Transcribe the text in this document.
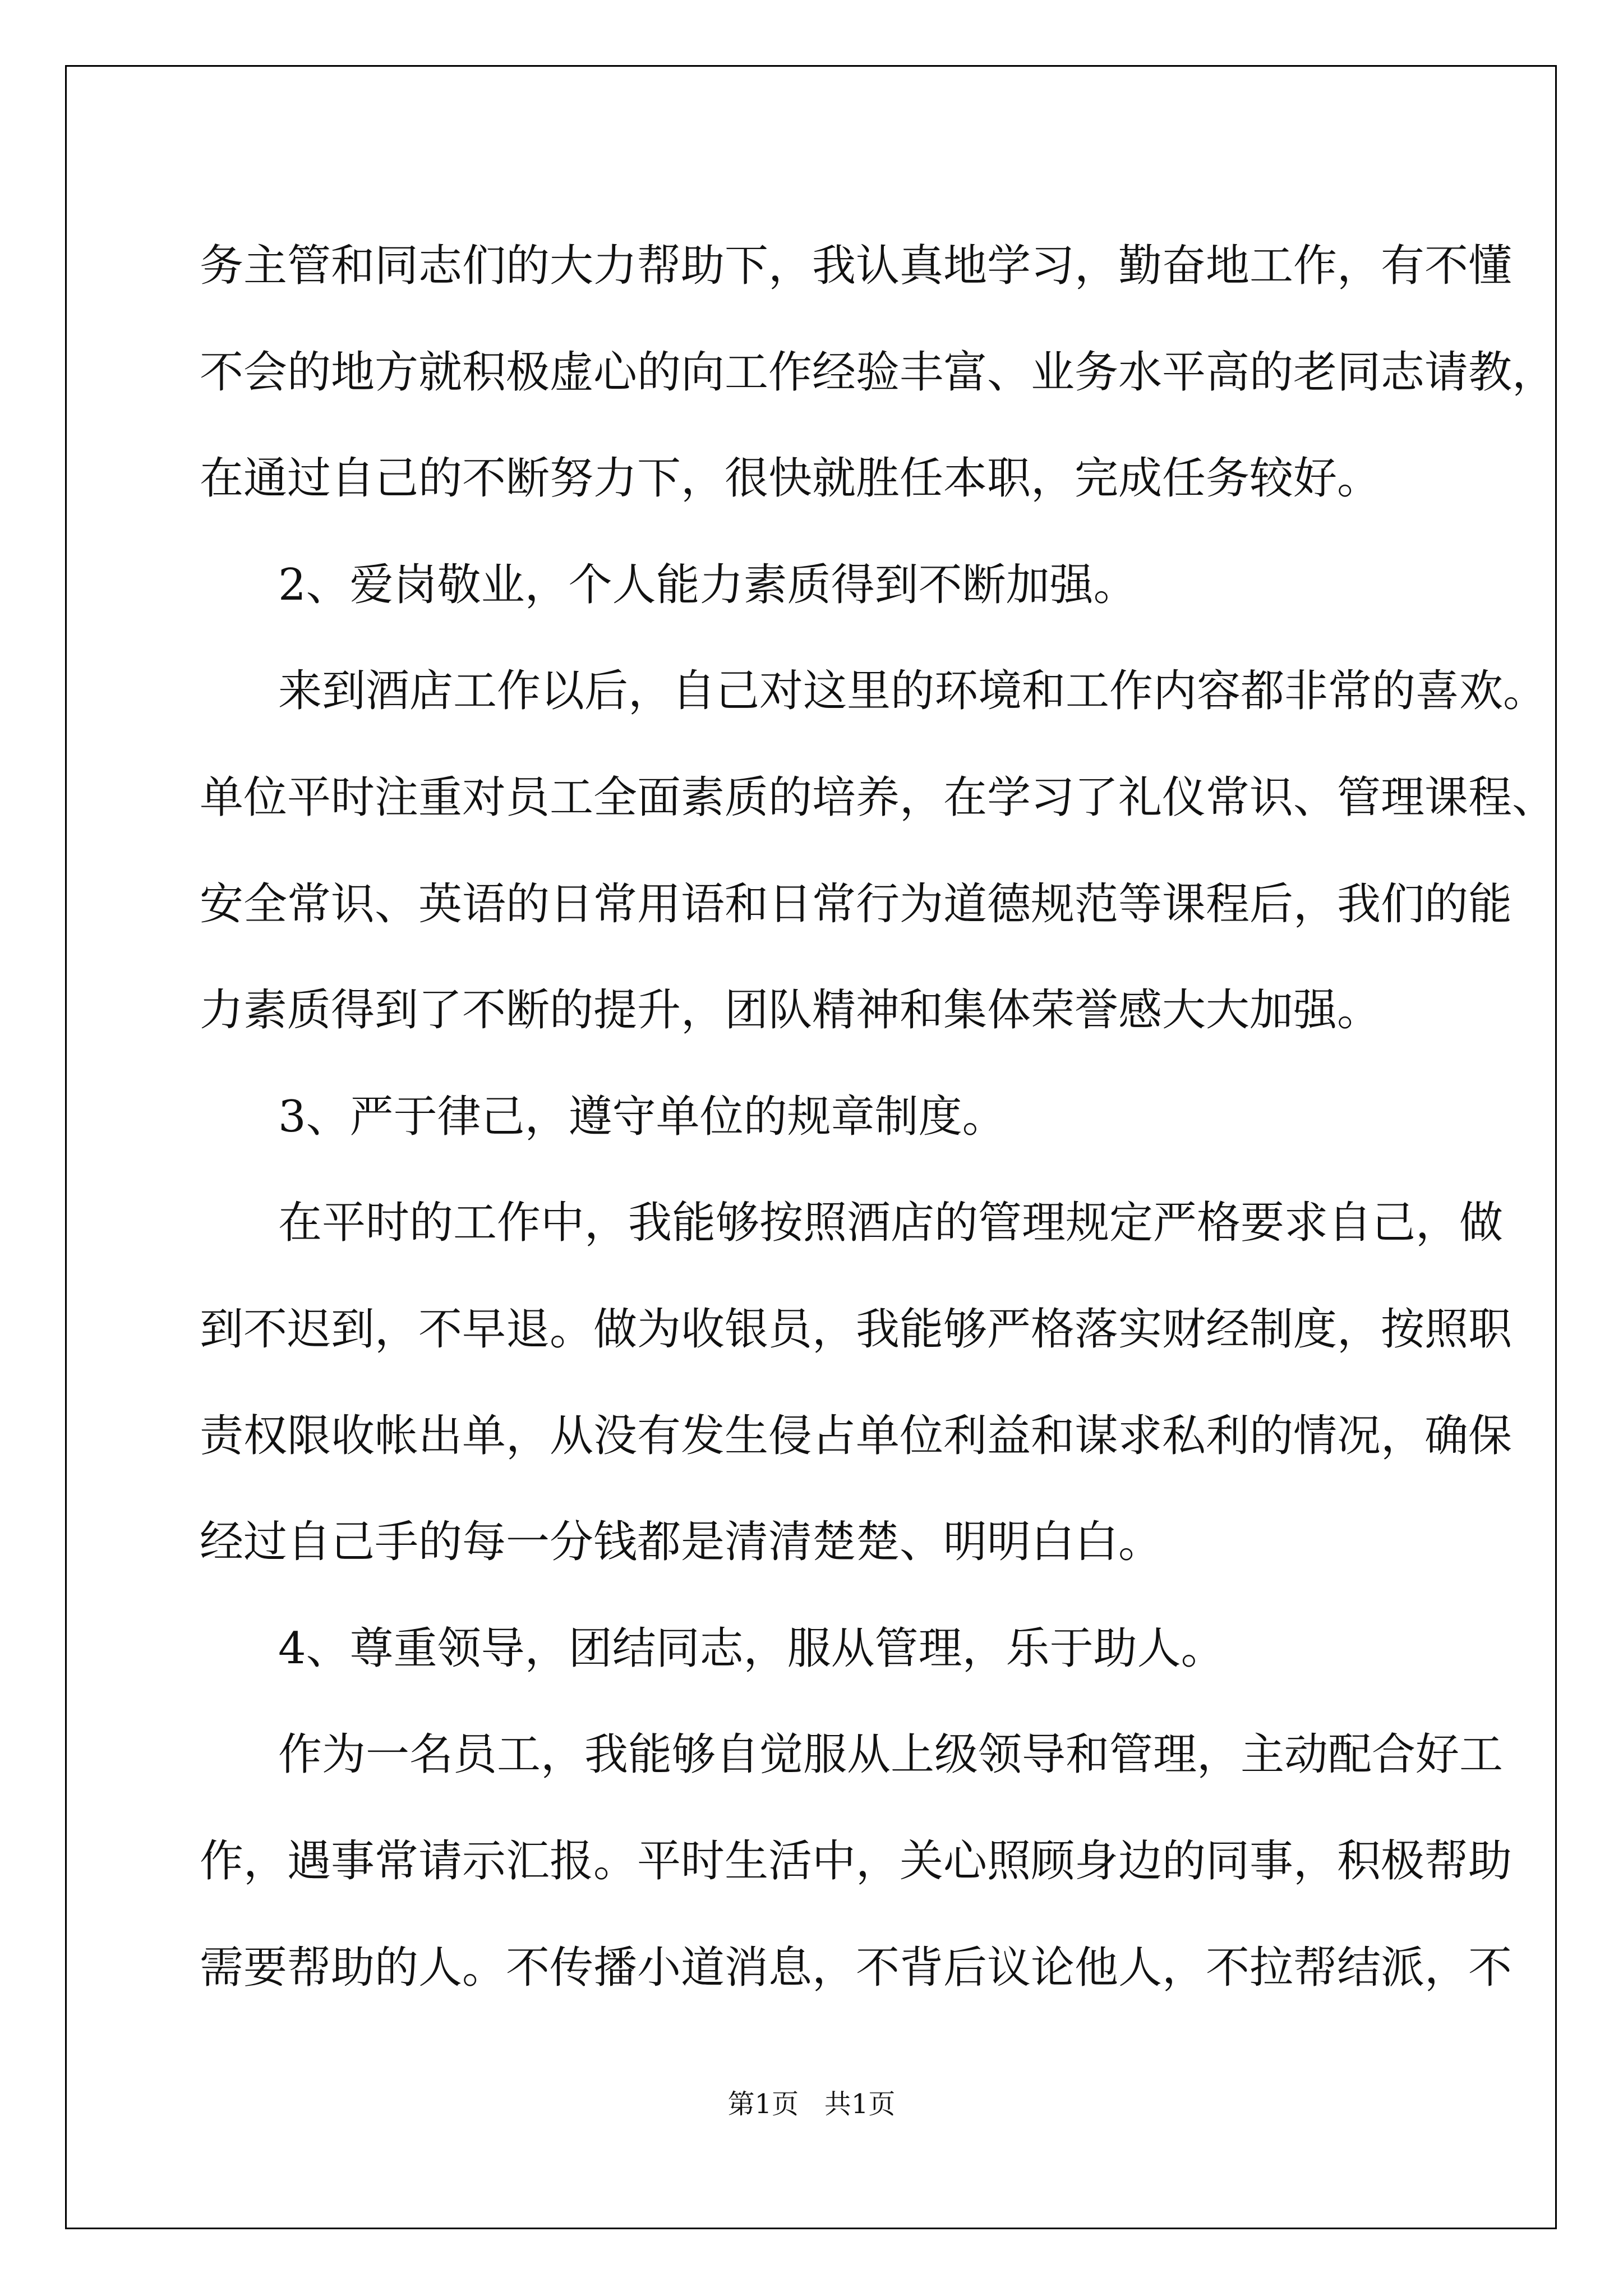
务主管和同志们的大力帮助下，我认真地学习，勤奋地工作，有不懂
不会的地方就积极虚心的向工作经验丰富、业务水平高的老同志请教，
在通过自己的不断努力下，很快就胜任本职，完成任务较好。
2、爱岗敬业，个人能力素质得到不断加强。
来到酒店工作以后，自己对这里的环境和工作内容都非常的喜欢。
单位平时注重对员工全面素质的培养，在学习了礼仪常识、管理课程、
安全常识、英语的日常用语和日常行为道德规范等课程后，我们的能
力素质得到了不断的提升，团队精神和集体荣誉感大大加强。
3、严于律己，遵守单位的规章制度。
在平时的工作中，我能够按照酒店的管理规定严格要求自己，做
到不迟到，不早退。做为收银员，我能够严格落实财经制度，按照职
责权限收帐出单，从没有发生侵占单位利益和谋求私利的情况，确保
经过自己手的每一分钱都是清清楚楚、明明白白。
4、尊重领导，团结同志，服从管理，乐于助人。
作为一名员工，我能够自觉服从上级领导和管理，主动配合好工
作，遇事常请示汇报。平时生活中，关心照顾身边的同事，积极帮助
需要帮助的人。不传播小道消息，不背后议论他人，不拉帮结派，不
第1页   共1页
